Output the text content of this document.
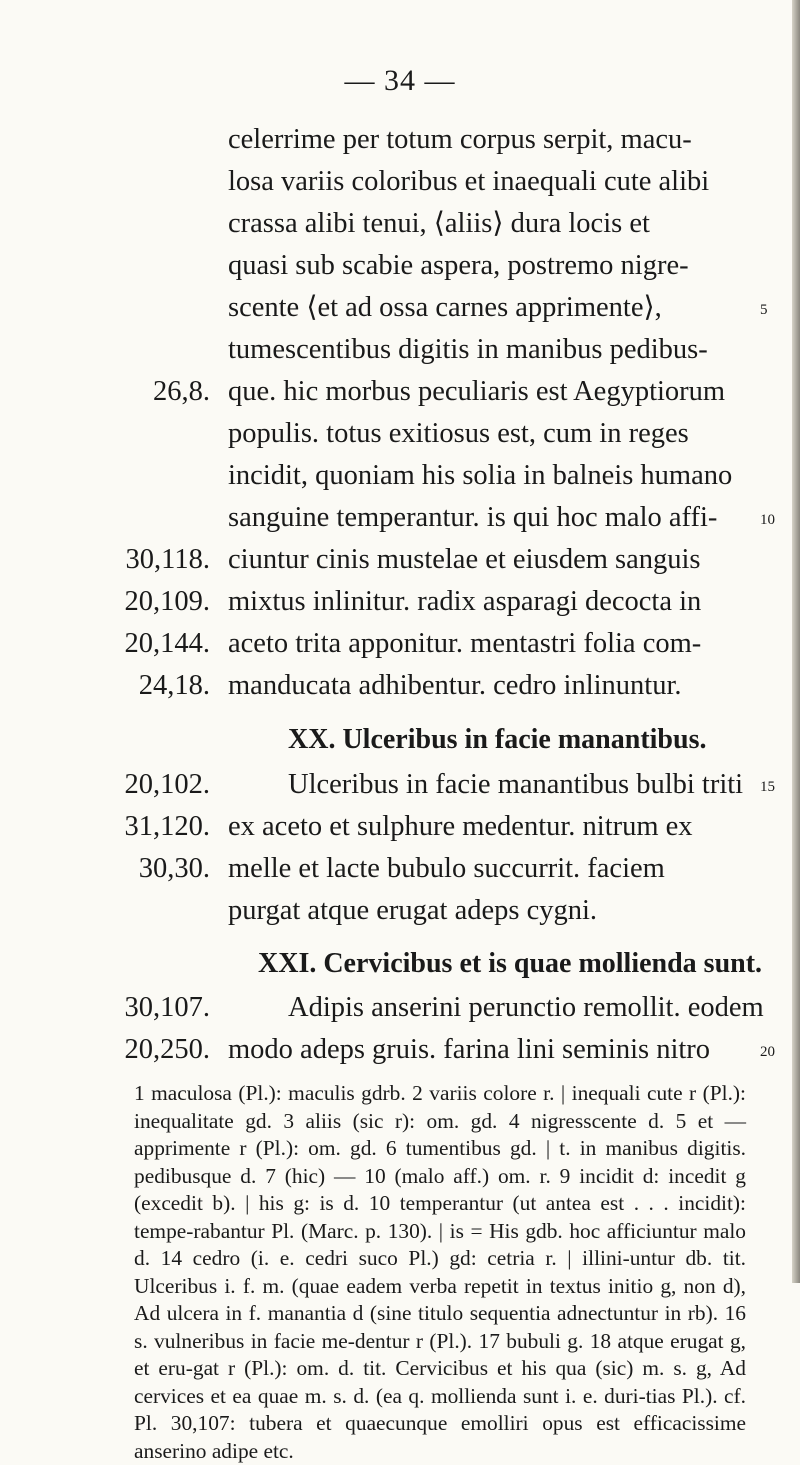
— 34 —
celerrime per totum corpus serpit, macu-
losa variis coloribus et inaequali cute alibi
crassa alibi tenui, ⟨aliis⟩ dura locis et
quasi sub scabie aspera, postremo nigre-
scente ⟨et ad ossa carnes apprimente⟩,	5
tumescentibus digitis in manibus pedibus-
26,8. que. hic morbus peculiaris est Aegyptiorum
populis. totus exitiosus est, cum in reges
incidit, quoniam his solia in balneis humano
sanguine temperantur. is qui hoc malo affi-	10
30,118. ciuntur cinis mustelae et eiusdem sanguis
20,109. mixtus inlinitur. radix asparagi decocta in
20,144. aceto trita apponitur. mentastri folia com-
24,18. manducata adhibentur. cedro inlinuntur.
XX. Ulceribus in facie manantibus.
20,102.	Ulceribus in facie manantibus bulbi triti 15
31,120. ex aceto et sulphure medentur. nitrum ex
30,30. melle et lacte bubulo succurrit. faciem
purgat atque erugat adeps cygni.
XXI. Cervicibus et is quae mollienda sunt.
30,107.	Adipis anserini perunctio remollit. eodem
20,250. modo adeps gruis. farina lini seminis nitro	20

1 maculosa (Pl.): maculis gdrb. 2 variis colore r. | inequali cute r (Pl.): inequalitate gd. 3 aliis (sic r): om. gd. 4 nigresscente d. 5 et — apprimente r (Pl.): om. gd. 6 tumentibus gd. | t. in manibus digitis. pedibusque d. 7 (hic) — 10 (malo aff.) om. r. 9 incidit d: incedit g (excedit b). | his g: is d. 10 temperantur (ut antea est . . . incidit): tempe-rabantur Pl. (Marc. p. 130). | is = His gdb. hoc afficiuntur malo d. 14 cedro (i. e. cedri suco Pl.) gd: cetria r. | illini-untur db. tit. Ulceribus i. f. m. (quae eadem verba repetit in textus initio g, non d), Ad ulcera in f. manantia d (sine titulo sequentia adnectuntur in rb). 16 s. vulneribus in facie me-dentur r (Pl.). 17 bubuli g. 18 atque erugat g, et eru-gat r (Pl.): om. d. tit. Cervicibus et his qua (sic) m. s. g, Ad cervices et ea quae m. s. d. (ea q. mollienda sunt i. e. duri-tias Pl.). cf. Pl. 30,107: tubera et quaecunque emolliri opus est efficacissime anserino adipe etc.
